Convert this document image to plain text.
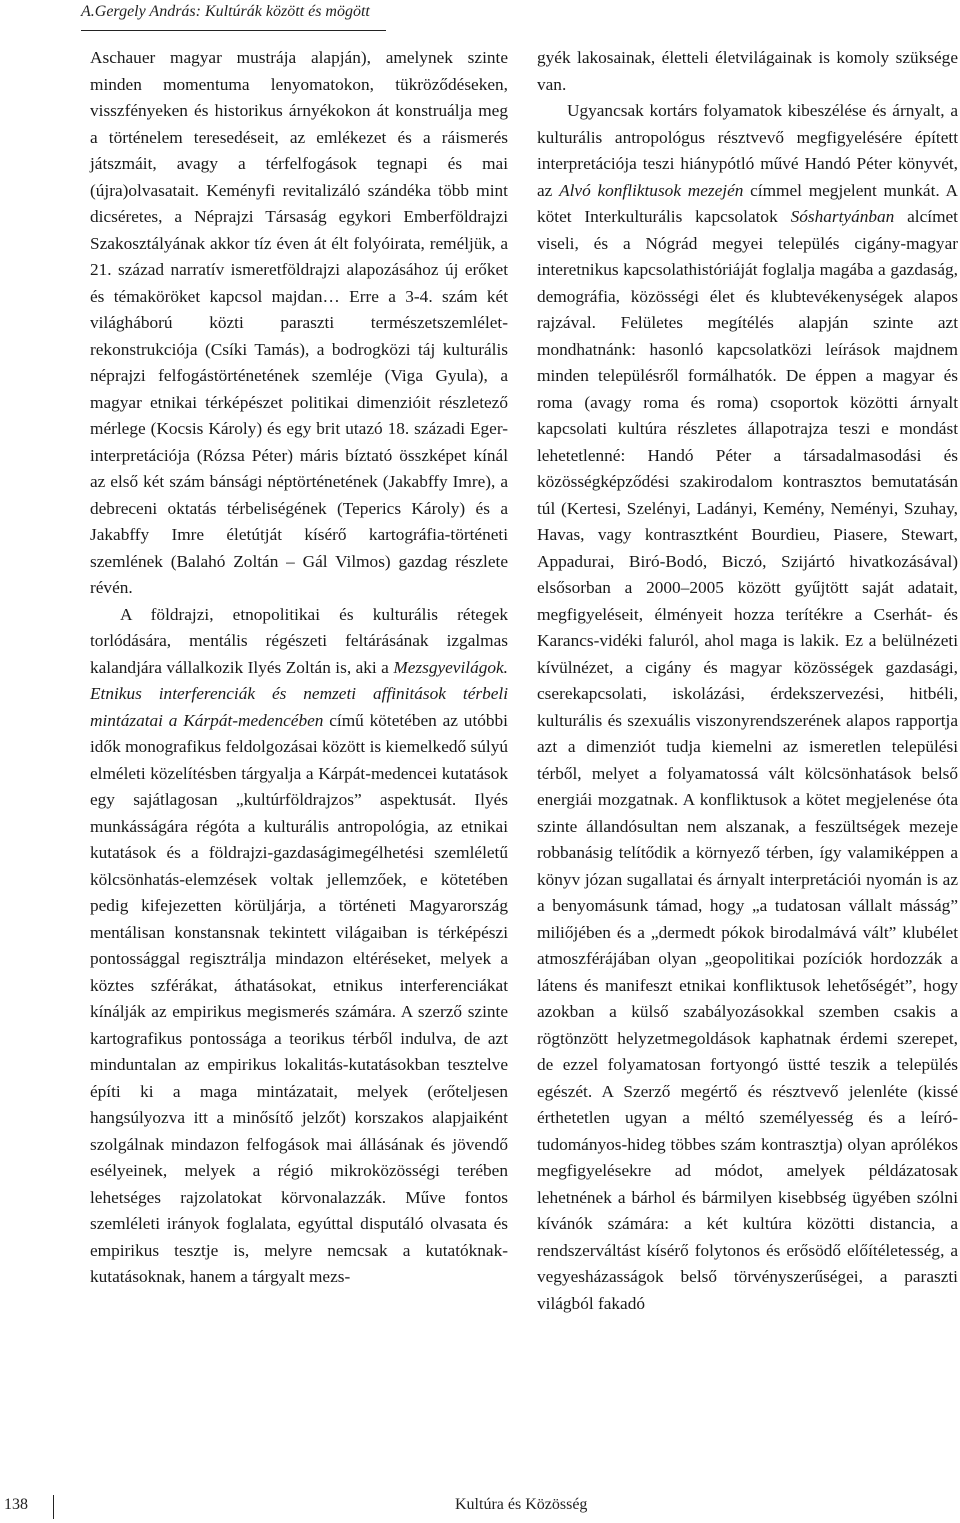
A.Gergely András: Kultúrák között és mögött

Aschauer magyar mustrája alapján), amelynek szinte minden momentuma lenyomatokon, tükröződéseken, visszfényeken és historikus árnyékokon át konstruálja meg a történelem teresedéseit, az emlékezet és a ráismerés játszmáit, avagy a térfelfogások tegnapi és mai (újra)olvasatait. Keményfi revitalizáló szándéka több mint dicséretes, a Néprajzi Társaság egykori Emberföldrajzi Szakosztályának akkor tíz éven át élt folyóirata, reméljük, a 21. század narratív ismeretföldrajzi alapozásához új erőket és témaköröket kapcsol majdan… Erre a 3-4. szám két világháború közti paraszti természetszemlélet-rekonstrukciója (Csíki Tamás), a bodrogközi táj kulturális néprajzi felfogástörténetének szemléje (Viga Gyula), a magyar etnikai térképészet politikai dimenzióit részletező mérlege (Kocsis Károly) és egy brit utazó 18. századi Eger-interpretációja (Rózsa Péter) máris bíztató összképet kínál az első két szám bánsági néptörténetének (Jakabffy Imre), a debreceni oktatás térbeliségének (Teperics Károly) és a Jakabffy Imre életútját kísérő kartográfia-történeti szemlének (Balahó Zoltán – Gál Vilmos) gazdag részlete révén.

A földrajzi, etnopolitikai és kulturális rétegek torlódására, mentális régészeti feltárásának izgalmas kalandjára vállalkozik Ilyés Zoltán is, aki a Mezsgyevilágok. Etnikus interferenciák és nemzeti affinitások térbeli mintázatai a Kárpát-medencében című kötetében az utóbbi idők monografikus feldolgozásai között is kiemelkedő súlyú elméleti közelítésben tárgyalja a Kárpát-medencei kutatások egy sajátlagosan „kultúrföldrajzos” aspektusát. Ilyés munkásságára régóta a kulturális antropológia, az etnikai kutatások és a földrajzi-gazdaságimegélhetési szemléletű kölcsönhatás-elemzések voltak jellemzőek, e kötetében pedig kifejezetten körüljárja, a történeti Magyarország mentálisan konstansnak tekintett világaiban is térképészi pontossággal regisztrálja mindazon eltéréseket, melyek a köztes szférákat, áthatásokat, etnikus interferenciákat kínálják az empirikus megismerés számára. A szerző szinte kartografikus pontossága a teorikus térből indulva, de azt minduntalan az empirikus lokalitás-kutatásokban tesztelve építi ki a maga mintázatait, melyek (erőteljesen hangsúlyozva itt a minősítő jelzőt) korszakos alapjaiként szolgálnak mindazon felfogások mai állásának és jövendő esélyeinek, melyek a régió mikroközösségi terében lehetséges rajzolatokat körvonalazzák. Műve fontos szemléleti irányok foglalata, egyúttal disputáló olvasata és empirikus tesztje is, melyre nemcsak a kutatóknak-kutatásoknak, hanem a tárgyalt mezs-

gyék lakosainak, életteli életvilágainak is komoly szüksége van.

Ugyancsak kortárs folyamatok kibeszélése és árnyalt, a kulturális antropológus résztvevő megfigyelésére épített interpretációja teszi hiánypótló művé Handó Péter könyvét, az Alvó konfliktusok mezején címmel megjelent munkát. A kötet Interkulturális kapcsolatok Sóshartyánban alcímet viseli, és a Nógrád megyei település cigány-magyar interetnikus kapcsolathistóriáját foglalja magába a gazdaság, demográfia, közösségi élet és klubtevékenységek alapos rajzával. Felületes megítélés alapján szinte azt mondhatnánk: hasonló kapcsolatközi leírások majdnem minden településről formálhatók. De éppen a magyar és roma (avagy roma és roma) csoportok közötti árnyalt kapcsolati kultúra részletes állapotrajza teszi e mondást lehetetlenné: Handó Péter a társadalmasodási és közösségképződési szakirodalom kontrasztos bemutatásán túl (Kertesi, Szelényi, Ladányi, Kemény, Neményi, Szuhay, Havas, vagy kontrasztként Bourdieu, Piasere, Stewart, Appadurai, Biró-Bodó, Biczó, Szijártó hivatkozásával) elsősorban a 2000–2005 között gyűjtött saját adatait, megfigyeléseit, élményeit hozza terítékre a Cserhát- és Karancs-vidéki faluról, ahol maga is lakik. Ez a belülnézeti kívülnézet, a cigány és magyar közösségek gazdasági, cserekapcsolati, iskolázási, érdekszervezési, hitbéli, kulturális és szexuális viszonyrendszerének alapos rapportja azt a dimenziót tudja kiemelni az ismeretlen települési térből, melyet a folyamatossá vált kölcsönhatások belső energiái mozgatnak. A konfliktusok a kötet megjelenése óta szinte állandósultan nem alszanak, a feszültségek mezeje robbanásig telítődik a környező térben, így valamiképpen a könyv józan sugallatai és árnyalt interpretációi nyomán is az a benyomásunk támad, hogy „a tudatosan vállalt másság” miliőjében és a „dermedt pókok birodalmává vált” klubélet atmoszférájában olyan „geopolitikai pozíciók hordozzák a látens és manifeszt etnikai konfliktusok lehetőségét”, hogy azokban a külső szabályozásokkal szemben csakis a rögtönzött helyzetmegoldások kaphatnak érdemi szerepet, de ezzel folyamatosan fortyongó üstté teszik a település egészét. A Szerző megértő és résztvevő jelenléte (kissé érthetetlen ugyan a méltó személyesség és a leíró-tudományos-hideg többes szám kontrasztja) olyan aprólékos megfigyelésekre ad módot, amelyek példázatosak lehetnének a bárhol és bármilyen kisebbség ügyében szólni kívánók számára: a két kultúra közötti distancia, a rendszerváltást kísérő folytonos és erősödő előítéletesség, a vegyesházasságok belső törvényszerűségei, a paraszti világból fakadó

138	Kultúra és Közösség
